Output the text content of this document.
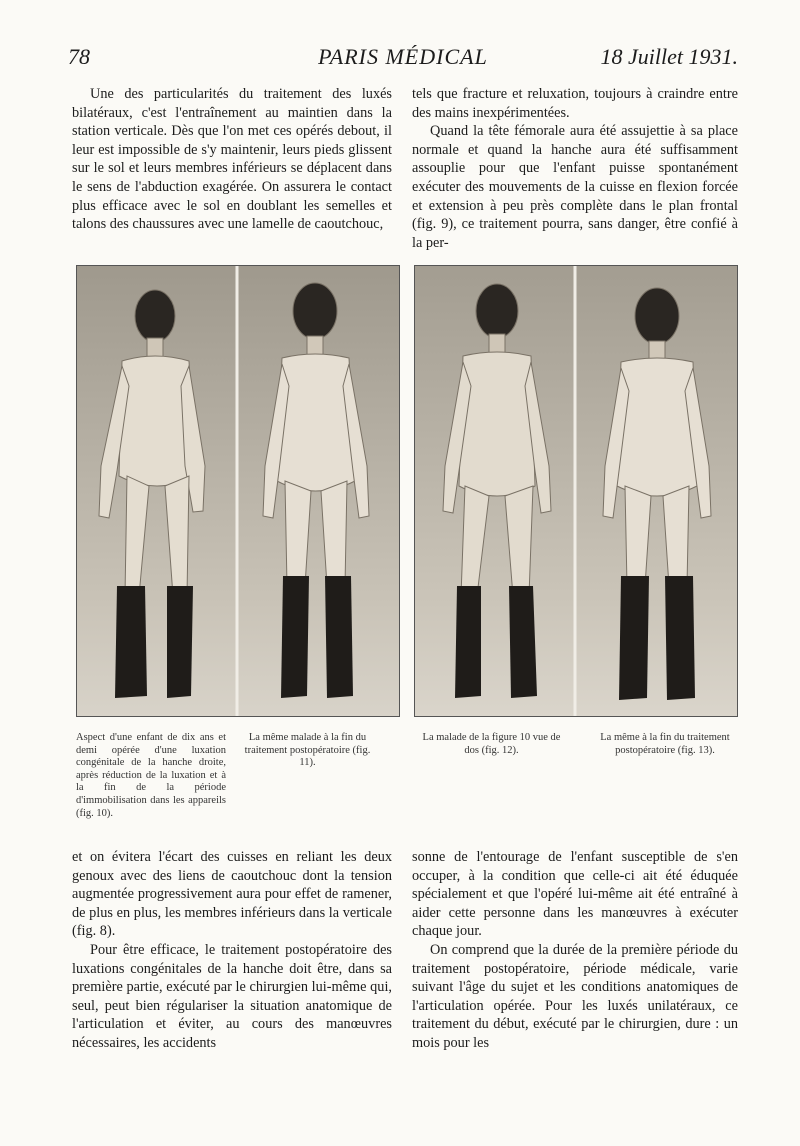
78	PARIS MÉDICAL	18 Juillet 1931.

Une des particularités du traitement des luxés bilatéraux, c'est l'entraînement au maintien dans la station verticale. Dès que l'on met ces opérés debout, il leur est impossible de s'y maintenir, leurs pieds glissent sur le sol et leurs membres inférieurs se déplacent dans le sens de l'abduction exagérée. On assurera le contact plus efficace avec le sol en doublant les semelles et talons des chaussures avec une lamelle de caoutchouc,

tels que fracture et reluxation, toujours à craindre entre des mains inexpérimentées.

Quand la tête fémorale aura été assujettie à sa place normale et quand la hanche aura été suffisamment assouplie pour que l'enfant puisse spontanément exécuter des mouvements de la cuisse en flexion forcée et extension à peu près complète dans le plan frontal (fig. 9), ce traitement pourra, sans danger, être confié à la per-

Aspect d'une enfant de dix ans et demi opérée d'une luxation congénitale de la hanche droite, après réduction de la luxation et à la fin de la période d'immobilisation dans les appareils (fig. 10).
La même malade à la fin du traitement postopératoire (fig. 11).
La malade de la figure 10 vue de dos (fig. 12).
La même à la fin du traitement postopératoire (fig. 13).

et on évitera l'écart des cuisses en reliant les deux genoux avec des liens de caoutchouc dont la tension augmentée progressivement aura pour effet de ramener, de plus en plus, les membres inférieurs dans la verticale (fig. 8).

Pour être efficace, le traitement postopératoire des luxations congénitales de la hanche doit être, dans sa première partie, exécuté par le chirurgien lui-même qui, seul, peut bien régulariser la situation anatomique de l'articulation et éviter, au cours des manœuvres nécessaires, les accidents

sonne de l'entourage de l'enfant susceptible de s'en occuper, à la condition que celle-ci ait été éduquée spécialement et que l'opéré lui-même ait été entraîné à aider cette personne dans les manœuvres à exécuter chaque jour.

On comprend que la durée de la première période du traitement postopératoire, période médicale, varie suivant l'âge du sujet et les conditions anatomiques de l'articulation opérée. Pour les luxés unilatéraux, ce traitement du début, exécuté par le chirurgien, dure : un mois pour les
